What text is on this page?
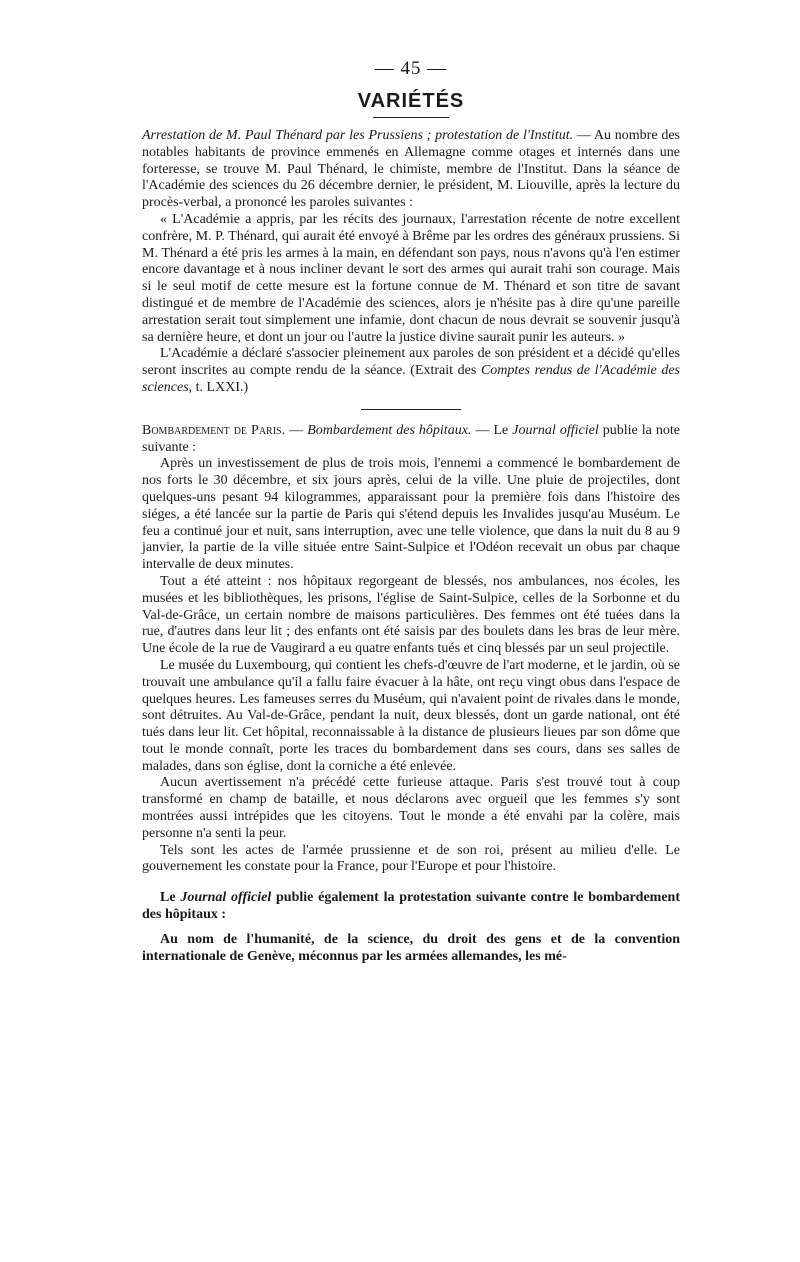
— 45 —
VARIÉTÉS

Arrestation de M. Paul Thénard par les Prussiens ; protestation de l'Institut. — Au nombre des notables habitants de province emmenés en Allemagne comme otages et internés dans une forteresse, se trouve M. Paul Thénard, le chimiste, membre de l'Institut. Dans la séance de l'Académie des sciences du 26 décembre dernier, le président, M. Liouville, après la lecture du procès-verbal, a prononcé les paroles suivantes :

« L'Académie a appris, par les récits des journaux, l'arrestation récente de notre excellent confrère, M. P. Thénard, qui aurait été envoyé à Brême par les ordres des généraux prussiens. Si M. Thénard a été pris les armes à la main, en défendant son pays, nous n'avons qu'à l'en estimer encore davantage et à nous incliner devant le sort des armes qui aurait trahi son courage. Mais si le seul motif de cette mesure est la fortune connue de M. Thénard et son titre de savant distingué et de membre de l'Académie des sciences, alors je n'hésite pas à dire qu'une pareille arrestation serait tout simplement une infamie, dont chacun de nous devrait se souvenir jusqu'à sa dernière heure, et dont un jour ou l'autre la justice divine saurait punir les auteurs. »

L'Académie a déclaré s'associer pleinement aux paroles de son président et a décidé qu'elles seront inscrites au compte rendu de la séance. (Extrait des Comptes rendus de l'Académie des sciences, t. LXXI.)

Bombardement de Paris. — Bombardement des hôpitaux. — Le Journal officiel publie la note suivante :

Après un investissement de plus de trois mois, l'ennemi a commencé le bombardement de nos forts le 30 décembre, et six jours après, celui de la ville. Une pluie de projectiles, dont quelques-uns pesant 94 kilogrammes, apparaissant pour la première fois dans l'histoire des siéges, a été lancée sur la partie de Paris qui s'étend depuis les Invalides jusqu'au Muséum. Le feu a continué jour et nuit, sans interruption, avec une telle violence, que dans la nuit du 8 au 9 janvier, la partie de la ville située entre Saint-Sulpice et l'Odéon recevait un obus par chaque intervalle de deux minutes.

Tout a été atteint : nos hôpitaux regorgeant de blessés, nos ambulances, nos écoles, les musées et les bibliothèques, les prisons, l'église de Saint-Sulpice, celles de la Sorbonne et du Val-de-Grâce, un certain nombre de maisons particulières. Des femmes ont été tuées dans la rue, d'autres dans leur lit ; des enfants ont été saisis par des boulets dans les bras de leur mère. Une école de la rue de Vaugirard a eu quatre enfants tués et cinq blessés par un seul projectile.

Le musée du Luxembourg, qui contient les chefs-d'œuvre de l'art moderne, et le jardin, où se trouvait une ambulance qu'il a fallu faire évacuer à la hâte, ont reçu vingt obus dans l'espace de quelques heures. Les fameuses serres du Muséum, qui n'avaient point de rivales dans le monde, sont détruites. Au Val-de-Grâce, pendant la nuit, deux blessés, dont un garde national, ont été tués dans leur lit. Cet hôpital, reconnaissable à la distance de plusieurs lieues par son dôme que tout le monde connaît, porte les traces du bombardement dans ses cours, dans ses salles de malades, dans son église, dont la corniche a été enlevée.

Aucun avertissement n'a précédé cette furieuse attaque. Paris s'est trouvé tout à coup transformé en champ de bataille, et nous déclarons avec orgueil que les femmes s'y sont montrées aussi intrépides que les citoyens. Tout le monde a été envahi par la colère, mais personne n'a senti la peur.

Tels sont les actes de l'armée prussienne et de son roi, présent au milieu d'elle. Le gouvernement les constate pour la France, pour l'Europe et pour l'histoire.

Le Journal officiel publie également la protestation suivante contre le bombardement des hôpitaux :

Au nom de l'humanité, de la science, du droit des gens et de la convention internationale de Genève, méconnus par les armées allemandes, les mé-
